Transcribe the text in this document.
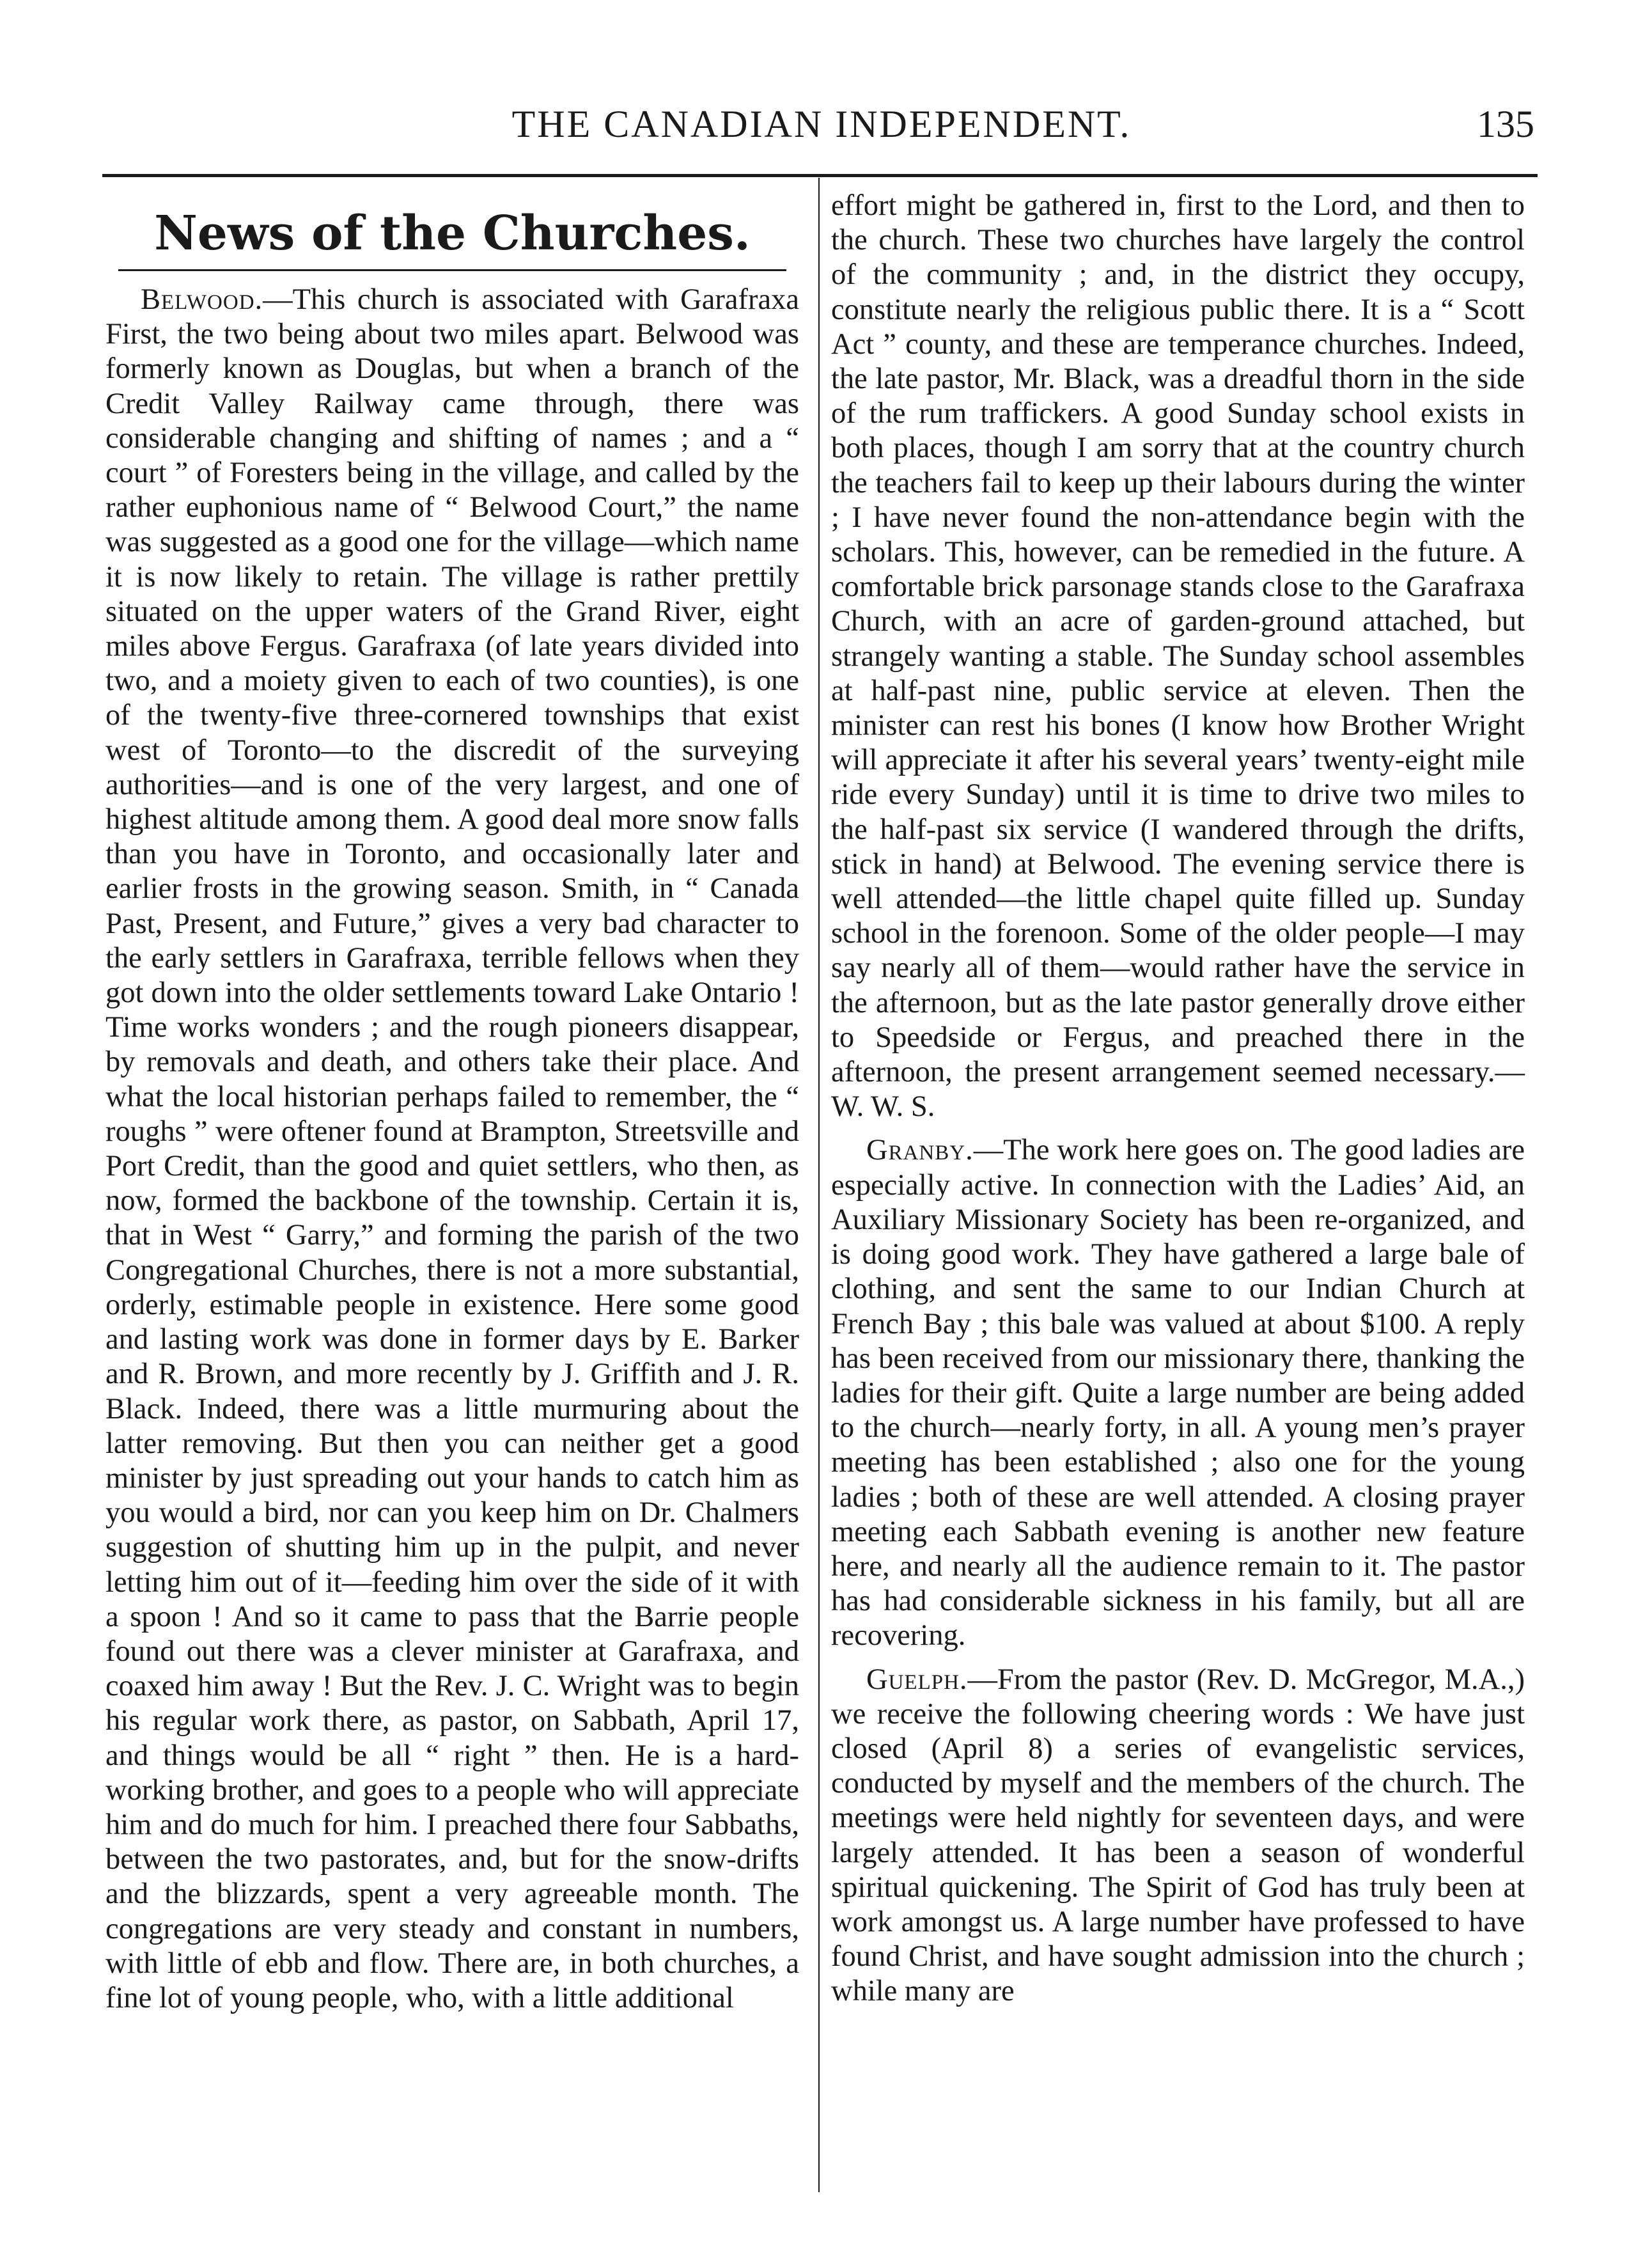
THE CANADIAN INDEPENDENT.	135
News of the Churches.

Belwood.—This church is associated with Garafraxa First, the two being about two miles apart. Belwood was formerly known as Douglas, but when a branch of the Credit Valley Railway came through, there was considerable changing and shifting of names ; and a “ court ” of Foresters being in the village, and called by the rather euphonious name of “ Belwood Court,” the name was suggested as a good one for the village—which name it is now likely to retain. The village is rather prettily situated on the upper waters of the Grand River, eight miles above Fergus. Garafraxa (of late years divided into two, and a moiety given to each of two counties), is one of the twenty-five three-cornered townships that exist west of Toronto—to the discredit of the surveying authorities—and is one of the very largest, and one of highest altitude among them. A good deal more snow falls than you have in Toronto, and occasionally later and earlier frosts in the growing season. Smith, in “ Canada Past, Present, and Future,” gives a very bad character to the early settlers in Garafraxa, terrible fellows when they got down into the older settlements toward Lake Ontario ! Time works wonders ; and the rough pioneers disappear, by removals and death, and others take their place. And what the local historian perhaps failed to remember, the “ roughs ” were oftener found at Brampton, Streetsville and Port Credit, than the good and quiet settlers, who then, as now, formed the backbone of the township. Certain it is, that in West “ Garry,” and forming the parish of the two Congregational Churches, there is not a more substantial, orderly, estimable people in existence. Here some good and lasting work was done in former days by E. Barker and R. Brown, and more recently by J. Griffith and J. R. Black. Indeed, there was a little murmuring about the latter removing. But then you can neither get a good minister by just spreading out your hands to catch him as you would a bird, nor can you keep him on Dr. Chalmers suggestion of shutting him up in the pulpit, and never letting him out of it—feeding him over the side of it with a spoon ! And so it came to pass that the Barrie people found out there was a clever minister at Garafraxa, and coaxed him away ! But the Rev. J. C. Wright was to begin his regular work there, as pastor, on Sabbath, April 17, and things would be all “ right ” then. He is a hard-working brother, and goes to a people who will appreciate him and do much for him. I preached there four Sabbaths, between the two pastorates, and, but for the snow-drifts and the blizzards, spent a very agreeable month. The congregations are very steady and constant in numbers, with little of ebb and flow. There are, in both churches, a fine lot of young people, who, with a little additional

effort might be gathered in, first to the Lord, and then to the church. These two churches have largely the control of the community ; and, in the district they occupy, constitute nearly the religious public there. It is a “ Scott Act ” county, and these are temperance churches. Indeed, the late pastor, Mr. Black, was a dreadful thorn in the side of the rum traffickers. A good Sunday school exists in both places, though I am sorry that at the country church the teachers fail to keep up their labours during the winter ; I have never found the non-attendance begin with the scholars. This, however, can be remedied in the future. A comfortable brick parsonage stands close to the Garafraxa Church, with an acre of garden-ground attached, but strangely wanting a stable. The Sunday school assembles at half-past nine, public service at eleven. Then the minister can rest his bones (I know how Brother Wright will appreciate it after his several years’ twenty-eight mile ride every Sunday) until it is time to drive two miles to the half-past six service (I wandered through the drifts, stick in hand) at Belwood. The evening service there is well attended—the little chapel quite filled up. Sunday school in the forenoon. Some of the older people—I may say nearly all of them—would rather have the service in the afternoon, but as the late pastor generally drove either to Speedside or Fergus, and preached there in the afternoon, the present arrangement seemed necessary.—W. W. S.

Granby.—The work here goes on. The good ladies are especially active. In connection with the Ladies’ Aid, an Auxiliary Missionary Society has been re-organized, and is doing good work. They have gathered a large bale of clothing, and sent the same to our Indian Church at French Bay ; this bale was valued at about $100. A reply has been received from our missionary there, thanking the ladies for their gift. Quite a large number are being added to the church—nearly forty, in all. A young men’s prayer meeting has been established ; also one for the young ladies ; both of these are well attended. A closing prayer meeting each Sabbath evening is another new feature here, and nearly all the audience remain to it. The pastor has had considerable sickness in his family, but all are recovering.

Guelph.—From the pastor (Rev. D. McGregor, M.A.,) we receive the following cheering words : We have just closed (April 8) a series of evangelistic services, conducted by myself and the members of the church. The meetings were held nightly for seventeen days, and were largely attended. It has been a season of wonderful spiritual quickening. The Spirit of God has truly been at work amongst us. A large number have professed to have found Christ, and have sought admission into the church ; while many are
